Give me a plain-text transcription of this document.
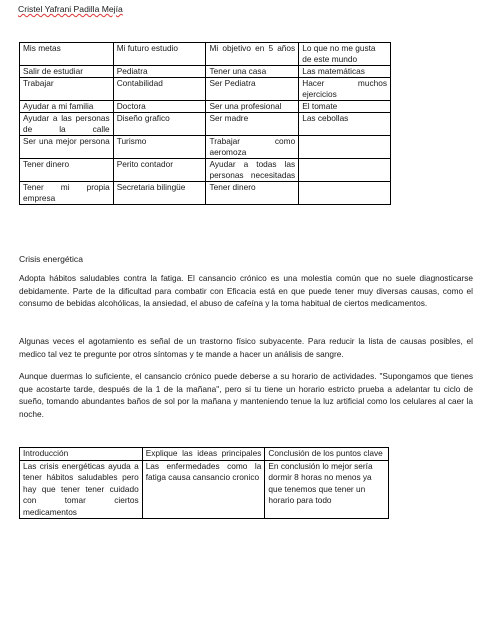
Cristel Yafrani Padilla Mejía
Mis metas	Mi futuro estudio	Mi objetivo en 5 años	Lo que no me gusta de este mundo
Salir de estudiar	Pediatra	Tener una casa	Las matemáticas
Trabajar	Contabilidad	Ser Pediatra	Hacer muchos ejercicios
Ayudar a mi familia	Doctora	Ser una profesional	El tomate
Ayudar a las personas de la calle	Diseño grafico	Ser madre	Las cebollas
Ser una mejor persona	Turismo	Trabajar como aeromoza	
Tener dinero	Perito contador	Ayudar a todas las personas necesitadas	
Tener mi propia empresa	Secretaria bilingüe	Tener dinero	
Crisis energética

Adopta hábitos saludables contra la fatiga. El cansancio crónico es una molestia común que no suele diagnosticarse debidamente. Parte de la dificultad para combatir con Eficacia está en que puede tener muy diversas causas, como el consumo de bebidas alcohólicas, la ansiedad, el abuso de cafeína y la toma habitual de ciertos medicamentos.

Algunas veces el agotamiento es señal de un trastorno físico subyacente. Para reducir la lista de causas posibles, el medico tal vez te pregunte por otros síntomas y te mande a hacer un análisis de sangre.

Aunque duermas lo suficiente, el cansancio crónico puede deberse a su horario de actividades. "Supongamos que tienes que acostarte tarde, después de la 1 de la mañana", pero si tu tiene un horario estricto prueba a adelantar tu ciclo de sueño, tomando abundantes baños de sol por la mañana y manteniendo tenue la luz artificial como los celulares al caer la noche.

Introducción	Explique las ideas principales	Conclusión de los puntos clave
Las crisis energéticas ayuda a tener hábitos saludables pero hay que tener tener cuidado con tomar ciertos medicamentos	Las enfermedades como la fatiga causa cansancio cronico	En conclusión lo mejor sería dormir 8 horas no menos ya que tenemos que tener un horario para todo
